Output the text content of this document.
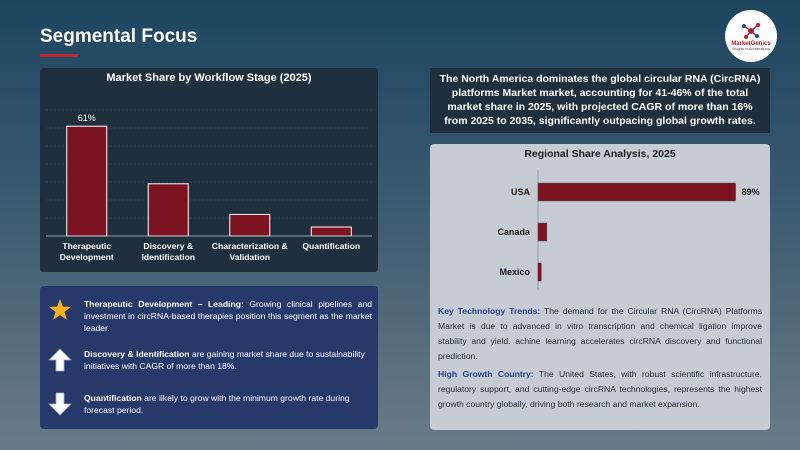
Segmental Focus	MarketGenics
Insights to Accelerations
61%
Therapeutic Development
Discovery & Identification
Characterization & Validation
Quantification
Market Share by Workflow Stage (2025)
Therapeutic Development – Leading: Growing clinical pipelines and investment in circRNA-based therapies position this segment as the market leader.
Discovery & Identification are gaining market share due to sustainability initiatives with CAGR of more than 18%.
Quantification are likely to grow with the minimum growth rate during forecast period.
The North America dominates the global circular RNA (CircRNA) platforms Market market, accounting for 41-46% of the total market share in 2025, with projected CAGR of more than 16% from 2025 to 2035, significantly outpacing global growth rates.
USA	89%
Canada
Mexico
Regional Share Analysis, 2025

Key Technology Trends: The demand for the Circular RNA (CircRNA) Platforms Market is due to advanced in vitro transcription and chemical ligation improve stability and yield. achine learning accelerates circRNA discovery and functional prediction.

High Growth Country: The United States, with robust scientific infrastructure, regulatory support, and cutting-edge circRNA technologies, represents the highest growth country globally, driving both research and market expansion.
